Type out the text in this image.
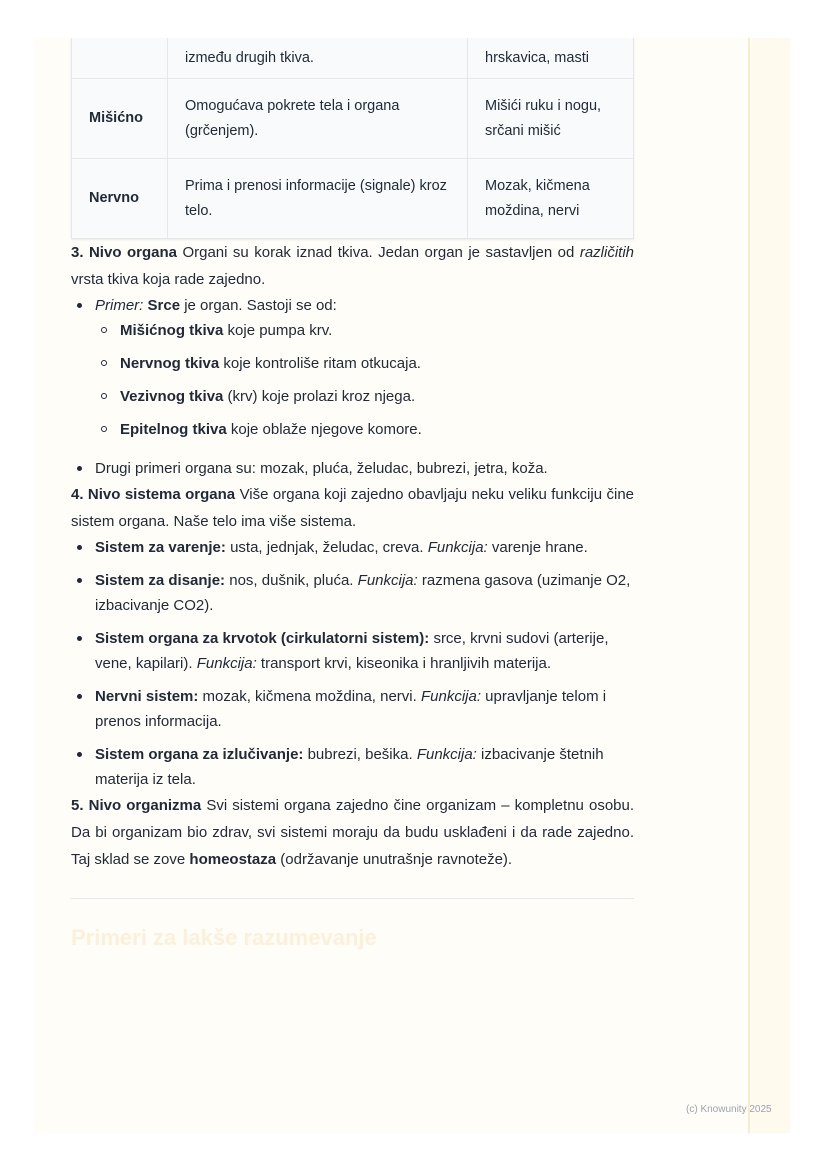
	između drugih tkiva.	hrskavica, masti
Mišićno	Omogućava pokrete tela i organa (grčenjem).	Mišići ruku i nogu, srčani mišić
Nervno	Prima i prenosi informacije (signale) kroz telo.	Mozak, kičmena moždina, nervi

3. Nivo organa Organi su korak iznad tkiva. Jedan organ je sastavljen od različitih vrsta tkiva koja rade zajedno.

Primer: Srce je organ. Sastoji se od:
Mišićnog tkiva koje pumpa krv.
Nervnog tkiva koje kontroliše ritam otkucaja.
Vezivnog tkiva (krv) koje prolazi kroz njega.
Epitelnog tkiva koje oblaže njegove komore.
Drugi primeri organa su: mozak, pluća, želudac, bubrezi, jetra, koža.

4. Nivo sistema organa Više organa koji zajedno obavljaju neku veliku funkciju čine sistem organa. Naše telo ima više sistema.

Sistem za varenje: usta, jednjak, želudac, creva. Funkcija: varenje hrane.
Sistem za disanje: nos, dušnik, pluća. Funkcija: razmena gasova (uzimanje O2, izbacivanje CO2).
Sistem organa za krvotok (cirkulatorni sistem): srce, krvni sudovi (arterije, vene, kapilari). Funkcija: transport krvi, kiseonika i hranljivih materija.
Nervni sistem: mozak, kičmena moždina, nervi. Funkcija: upravljanje telom i prenos informacija.
Sistem organa za izlučivanje: bubrezi, bešika. Funkcija: izbacivanje štetnih materija iz tela.

5. Nivo organizma Svi sistemi organa zajedno čine organizam – kompletnu osobu. Da bi organizam bio zdrav, svi sistemi moraju da budu usklađeni i da rade zajedno. Taj sklad se zove homeostaza (održavanje unutrašnje ravnoteže).

Primeri za lakše razumevanje
(c) Knowunity 2025
